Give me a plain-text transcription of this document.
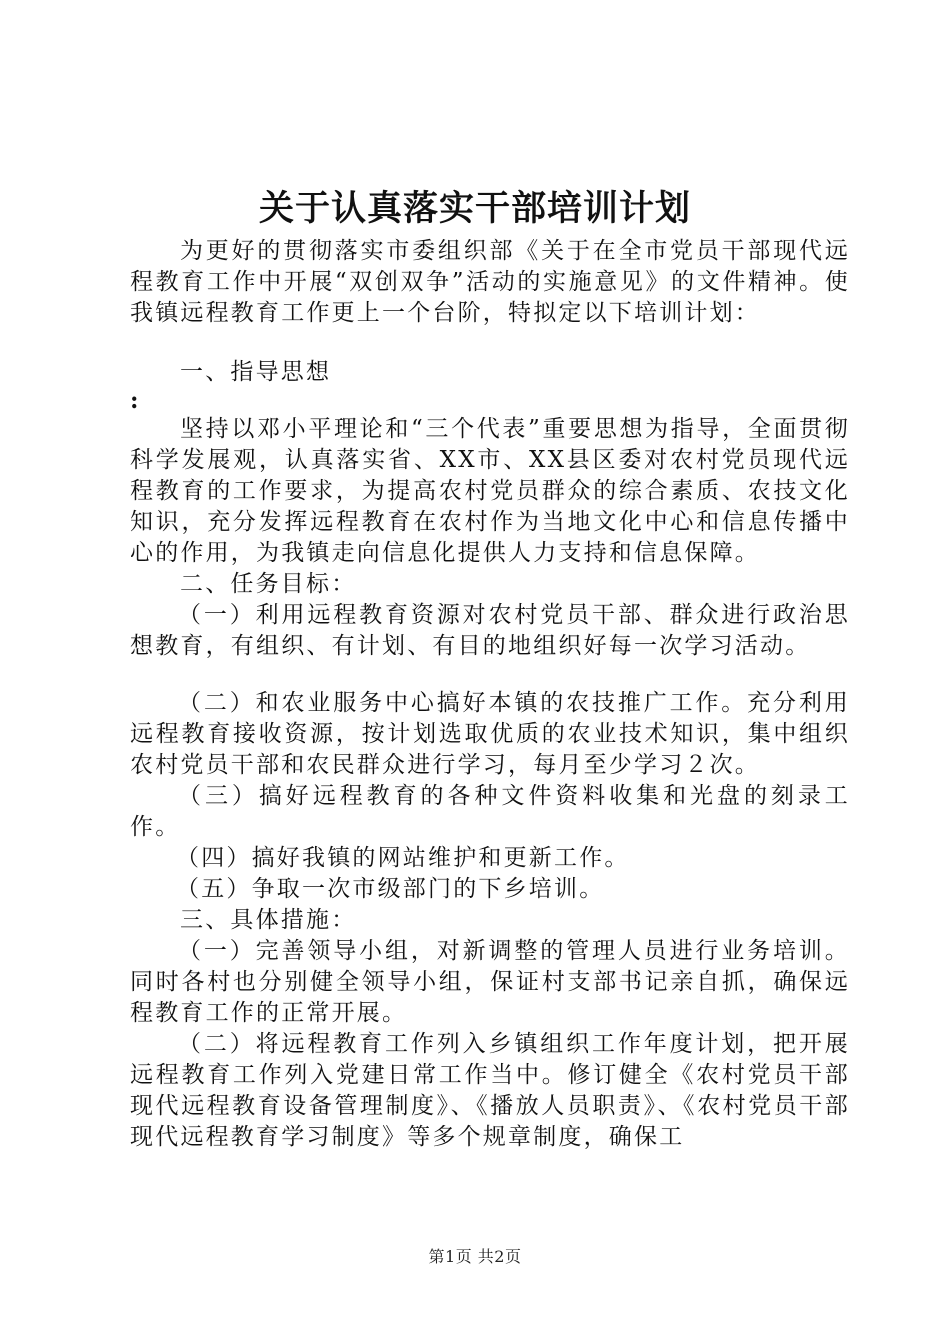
关于认真落实干部培训计划

为更好的贯彻落实市委组织部《关于在全市党员干部现代远程教育工作中开展“双创双争”活动的实施意见》的文件精神。使我镇远程教育工作更上一个台阶，特拟定以下培训计划：

一、指导思想

:

坚持以邓小平理论和“三个代表”重要思想为指导，全面贯彻科学发展观，认真落实省、XX市、XX县区委对农村党员现代远程教育的工作要求，为提高农村党员群众的综合素质、农技文化知识，充分发挥远程教育在农村作为当地文化中心和信息传播中心的作用，为我镇走向信息化提供人力支持和信息保障。

二、任务目标：

（一）利用远程教育资源对农村党员干部、群众进行政治思想教育，有组织、有计划、有目的地组织好每一次学习活动。

（二）和农业服务中心搞好本镇的农技推广工作。充分利用远程教育接收资源，按计划选取优质的农业技术知识，集中组织农村党员干部和农民群众进行学习，每月至少学习２次。

（三）搞好远程教育的各种文件资料收集和光盘的刻录工作。

（四）搞好我镇的网站维护和更新工作。

（五）争取一次市级部门的下乡培训。

三、具体措施：

（一）完善领导小组，对新调整的管理人员进行业务培训。同时各村也分别健全领导小组，保证村支部书记亲自抓，确保远程教育工作的正常开展。

（二）将远程教育工作列入乡镇组织工作年度计划，把开展远程教育工作列入党建日常工作当中。修订健全《农村党员干部现代远程教育设备管理制度》、《播放人员职责》、《农村党员干部现代远程教育学习制度》等多个规章制度，确保工

第1页 共2页
